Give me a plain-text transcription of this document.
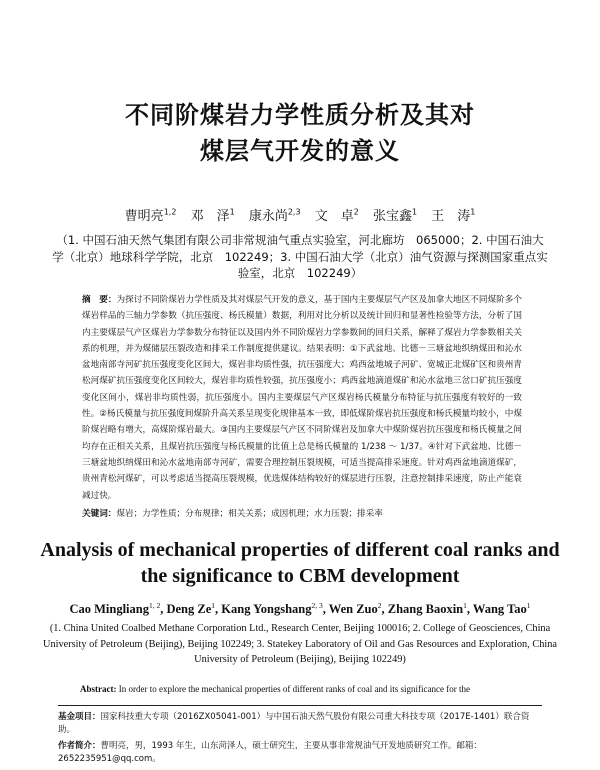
不同阶煤岩力学性质分析及其对
煤层气开发的意义
曹明亮$^{1,2}$ 邓　泽$^1$ 康永尚$^{2,3}$ 文　卓$^2$ 张宝鑫$^1$ 王　涛$^1$
（1. 中国石油天然气集团有限公司非常规油气重点实验室，河北廊坊　065000；2. 中国石油大学（北京）地球科学学院，北京　102249；3. 中国石油大学（北京）油气资源与探测国家重点实验室，北京　102249）
摘　要：为探讨不同阶煤岩力学性质及其对煤层气开发的意义，基于国内主要煤层气产区及加拿大地区不同煤阶多个煤岩样品的三轴力学参数（抗压强度、杨氏模量）数据，利用对比分析以及统计回归和显著性检验等方法，分析了国内主要煤层气产区煤岩力学参数分布特征以及国内外不同阶煤岩力学参数间的回归关系，解释了煤岩力学参数相关关系的机理，并为煤储层压裂改造和排采工作制度提供建议。结果表明：①下武盆地、比德－三塘盆地织纳煤田和沁水盆地南部寺河矿抗压强度变化区间大，煤岩非均质性强，抗压强度大；鸡西盆地城子河矿、宽城正北煤矿区和贵州青松河煤矿抗压强度变化区间较大，煤岩非均质性较强，抗压强度小；鸡西盆地滴道煤矿和沁水盆地三岔口矿抗压强度变化区间小，煤岩非均质性弱，抗压强度小。国内主要煤层气产区煤岩杨氏模量分布特征与抗压强度有较好的一致性。②杨氏模量与抗压强度间煤阶升高关系呈现变化规律基本一致，即低煤阶煤岩抗压强度和杨氏模量均较小，中煤阶煤岩略有增大，高煤阶煤岩最大。③国内主要煤层气产区不同阶煤岩及加拿大中煤阶煤岩抗压强度和杨氏模量之间均存在正相关关系，且煤岩抗压强度与杨氏模量的比值上总是杨氏模量的 1/238 ～ 1/37。④针对下武盆地、比德－三塘盆地织纳煤田和沁水盆地南部寺河矿，需要合理控制压裂规模，可适当提高排采速度。针对鸡西盆地滴道煤矿，贵州青松河煤矿，可以考虑适当提高压裂规模，优选煤体结构较好的煤层进行压裂，注意控制排采速度，防止产能衰减过快。
关键词：煤岩；力学性质；分布规律；相关关系；成因机理；水力压裂；排采率
Analysis of mechanical properties of different coal ranks and
the significance to CBM development
Cao Mingliang$^{1, 2}$, Deng Ze$^1$, Kang Yongshang$^{2, 3}$, Wen Zuo$^2$, Zhang Baoxin$^1$, Wang Tao$^1$
(1. China United Coalbed Methane Corporation Ltd., Research Center, Beijing 100016; 2. College of Geosciences, China University of Petroleum (Beijing), Beijing 102249; 3. Statekey Laboratory of Oil and Gas Resources and Exploration, China University of Petroleum (Beijing), Beijing 102249)
Abstract: In order to explore the mechanical properties of different ranks of coal and its significance for the

基金项目：国家科技重大专项（2016ZX05041-001）与中国石油天然气股份有限公司重大科技专项（2017E-1401）联合资助。

作者简介：曹明亮，男，1993 年生，山东菏泽人，硕士研究生，主要从事非常规油气开发地质研究工作。邮箱：2652235951@qq.com。
